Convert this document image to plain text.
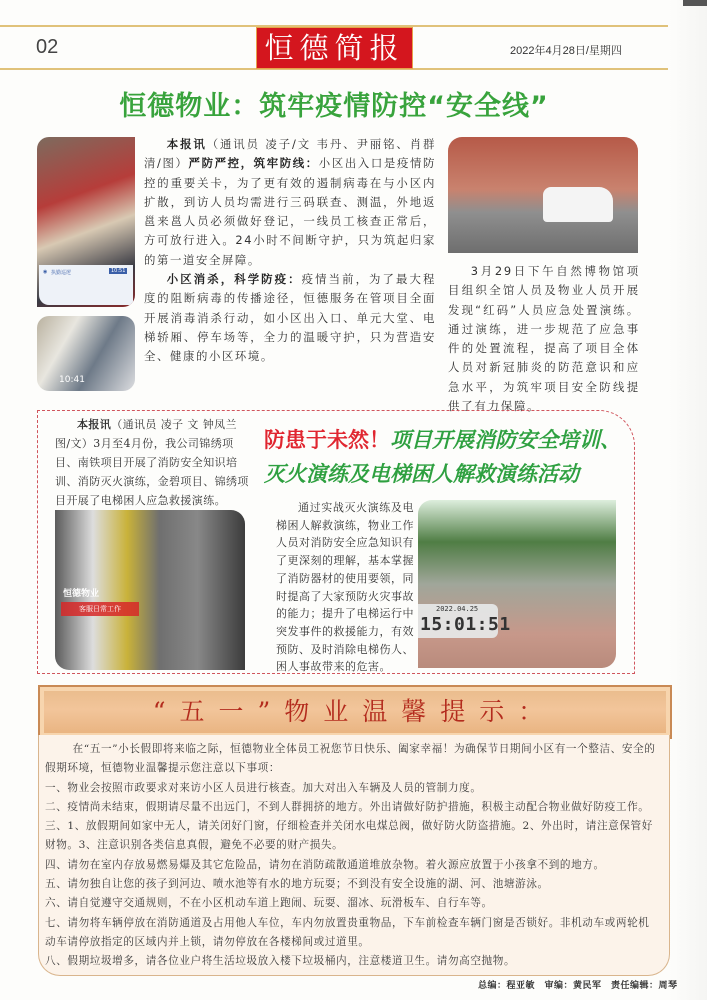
02	恒德简报	2022年4月28日/星期四
恒德物业：筑牢疫情防控“安全线”
◉ 执勤巡逻	10:51
10:41

本报讯（通讯员 凌子/文 韦丹、尹丽铭、肖群清/图）严防严控，筑牢防线：小区出入口是疫情防控的重要关卡，为了更有效的遏制病毒在与小区内扩散，到访人员均需进行三码联查、测温，外地返邕来邕人员必须做好登记，一线员工核查正常后，方可放行进入。24小时不间断守护，只为筑起归家的第一道安全屏障。

小区消杀，科学防疫：疫情当前，为了最大程度的阻断病毒的传播途径，恒德服务在管项目全面开展消毒消杀行动，如小区出入口、单元大堂、电梯轿厢、停车场等，全力的温暖守护，只为营造安全、健康的小区环境。

3月29日下午自然博物馆项目组织全馆人员及物业人员开展发现“红码”人员应急处置演练。通过演练，进一步规范了应急事件的处置流程，提高了项目全体人员对新冠肺炎的防范意识和应急水平，为筑牢项目安全防线提供了有力保障。

本报讯（通讯员 凌子 文 钟凤兰 图/文）3月至4月份，我公司锦绣项目、南铁项目开展了消防安全知识培训、消防灭火演练，金碧项目、锦绣项目开展了电梯困人应急救援演练。

防患于未然！项目开展消防安全培训、灭火演练及电梯困人解救演练活动
恒德物业
客服日常工作

通过实战灭火演练及电梯困人解救演练，物业工作人员对消防安全应急知识有了更深刻的理解，基本掌握了消防器材的使用要领，同时提高了大家预防火灾事故的能力；提升了电梯运行中突发事件的救援能力，有效预防、及时消除电梯伤人、困人事故带来的危害。

2022.04.25
15:01:51
“五一”物业温馨提示：

在“五一”小长假即将来临之际，恒德物业全体员工祝您节日快乐、阖家幸福！为确保节日期间小区有一个整洁、安全的假期环境，恒德物业温馨提示您注意以下事项：

一、物业会按照市政要求对来访小区人员进行核查。加大对出入车辆及人员的管制力度。

二、疫情尚未结束，假期请尽量不出远门，不到人群拥挤的地方。外出请做好防护措施，积极主动配合物业做好防疫工作。

三、1、放假期间如家中无人，请关闭好门窗，仔细检查并关闭水电煤总阀，做好防火防盗措施。2、外出时，请注意保管好财物。3、注意识别各类信息真假，避免不必要的财产损失。

四、请勿在室内存放易燃易爆及其它危险品，请勿在消防疏散通道堆放杂物。着火源应放置于小孩拿不到的地方。

五、请勿独自让您的孩子到河边、喷水池等有水的地方玩耍；不到没有安全设施的湖、河、池塘游泳。

六、请自觉遵守交通规则，不在小区机动车道上跑闹、玩耍、溜冰、玩滑板车、自行车等。

七、请勿将车辆停放在消防通道及占用他人车位，车内勿放置贵重物品，下车前检查车辆门窗是否锁好。非机动车或两轮机动车请停放指定的区域内并上锁，请勿停放在各楼梯间或过道里。

八、假期垃圾增多，请各位业户将生活垃圾放入楼下垃圾桶内，注意楼道卫生。请勿高空抛物。

总编：程亚敏　审编：黄民军　责任编辑：周琴
